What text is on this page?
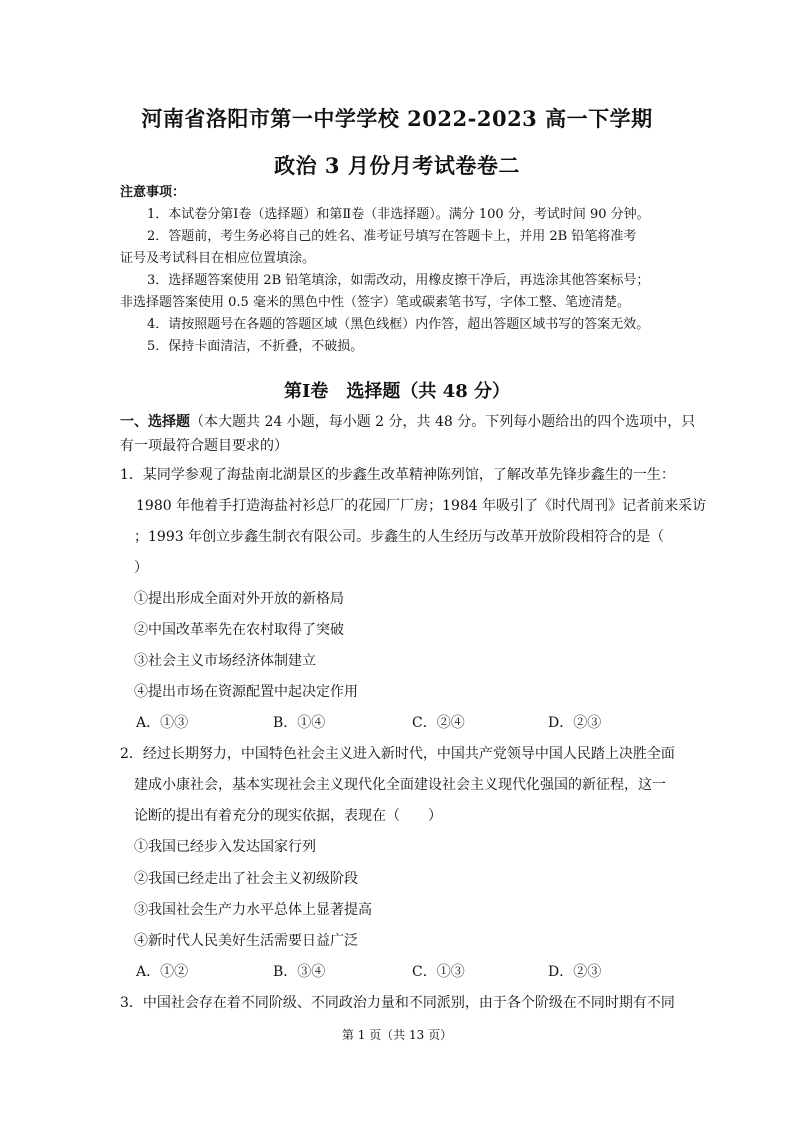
河南省洛阳市第一中学学校 2022-2023 高一下学期
政治 3 月份月考试卷卷二
注意事项：
1．本试卷分第Ⅰ卷（选择题）和第Ⅱ卷（非选择题）。满分 100 分，考试时间 90 分钟。
2．答题前，考生务必将自己的姓名、准考证号填写在答题卡上，并用 2B 铅笔将准考
证号及考试科目在相应位置填涂。
3．选择题答案使用 2B 铅笔填涂，如需改动，用橡皮擦干净后，再选涂其他答案标号；
非选择题答案使用 0.5 毫米的黑色中性（签字）笔或碳素笔书写，字体工整、笔迹清楚。
4．请按照题号在各题的答题区域（黑色线框）内作答，超出答题区域书写的答案无效。
5．保持卡面清洁，不折叠，不破损。
第Ⅰ卷　选择题（共 48 分）
一、选择题（本大题共 24 小题，每小题 2 分，共 48 分。下列每小题给出的四个选项中，只
有一项最符合题目要求的）
1．某同学参观了海盐南北湖景区的步鑫生改革精神陈列馆，了解改革先锋步鑫生的一生：
1980 年他着手打造海盐衬衫总厂的花园厂厂房；1984 年吸引了《时代周刊》记者前来采访
；1993 年创立步鑫生制衣有限公司。步鑫生的人生经历与改革开放阶段相符合的是（
）
①提出形成全面对外开放的新格局
②中国改革率先在农村取得了突破
③社会主义市场经济体制建立
④提出市场在资源配置中起决定作用
A．①③	B．①④	C．②④	D．②③
2．经过长期努力，中国特色社会主义进入新时代，中国共产党领导中国人民踏上决胜全面
建成小康社会，基本实现社会主义现代化全面建设社会主义现代化强国的新征程，这一
论断的提出有着充分的现实依据，表现在（　　）
①我国已经步入发达国家行列
②我国已经走出了社会主义初级阶段
③我国社会生产力水平总体上显著提高
④新时代人民美好生活需要日益广泛
A．①②	B．③④	C．①③	D．②③
3．中国社会存在着不同阶级、不同政治力量和不同派别，由于各个阶级在不同时期有不同
第 1 页（共 13 页）
